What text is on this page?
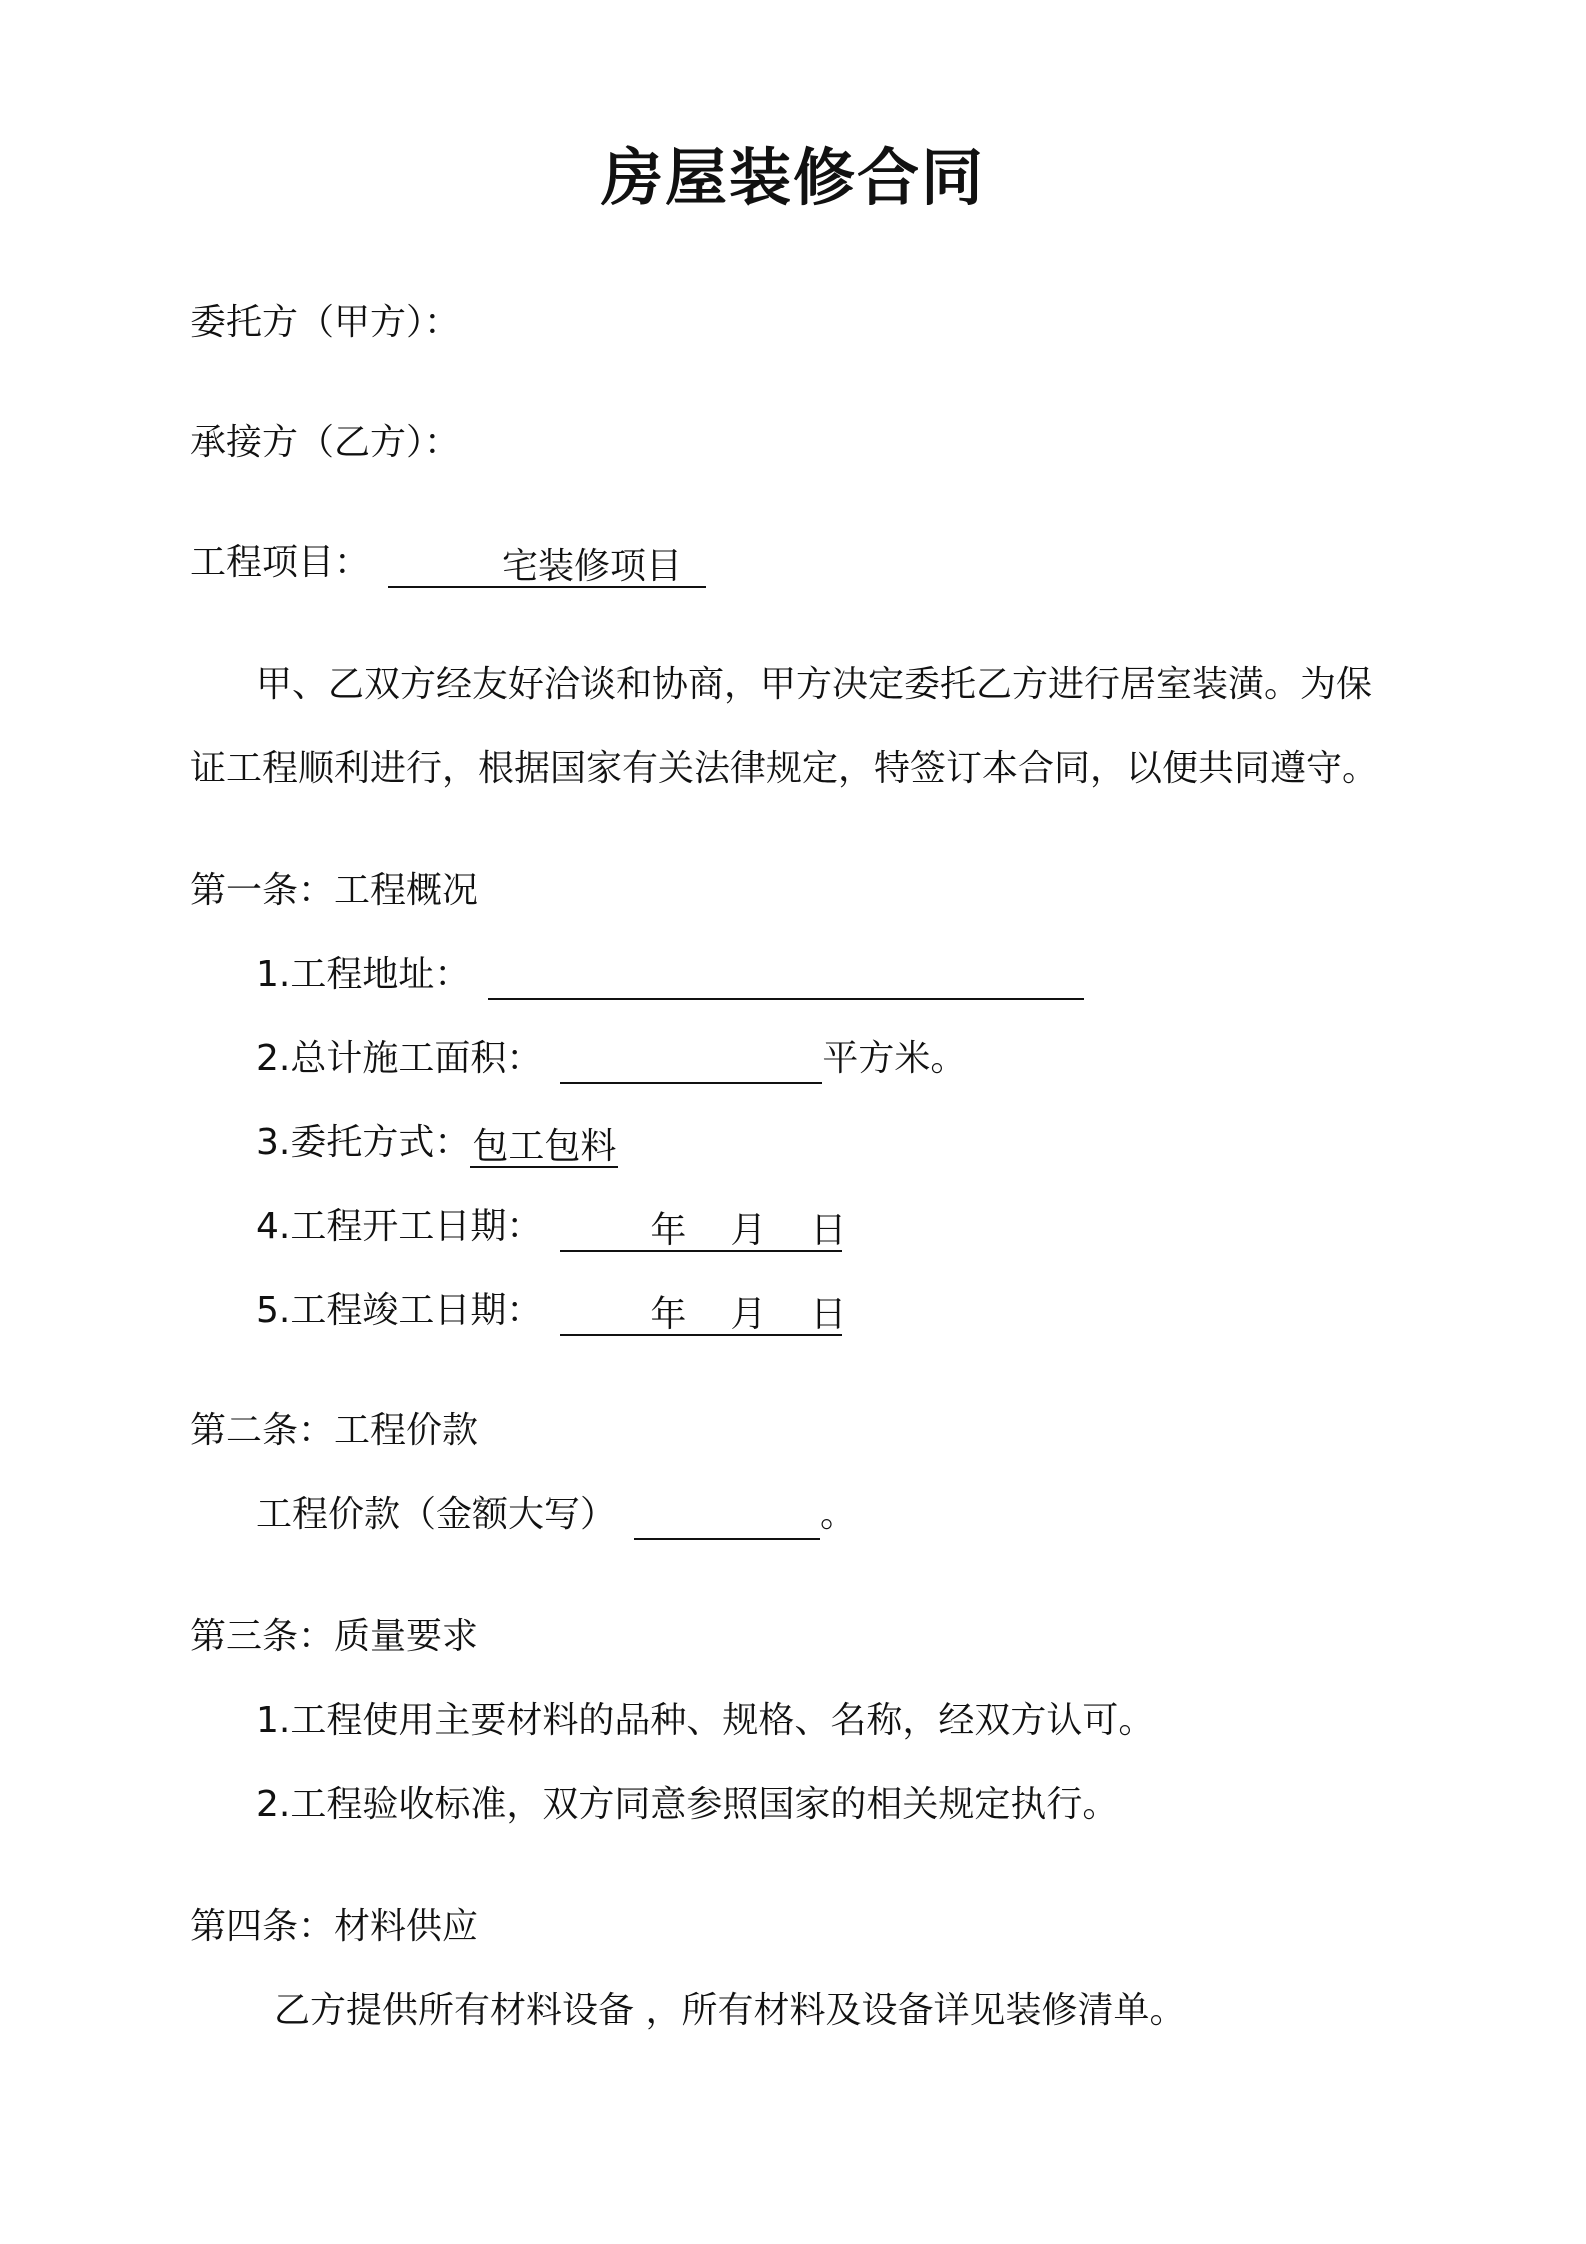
房屋装修合同
委托方（甲方）：
承接方（乙方）：
工程项目：	宅装修项目
甲、乙双方经友好洽谈和协商，甲方决定委托乙方进行居室装潢。为保
证工程顺利进行，根据国家有关法律规定，特签订本合同，以便共同遵守。
第一条：工程概况
1.工程地址：
2.总计施工面积：	平方米。
3.委托方式：包工包料
4.工程开工日期：	年 月 日
5.工程竣工日期：	年 月 日
第二条：工程价款
工程价款（金额大写）	。
第三条：质量要求
1.工程使用主要材料的品种、规格、名称，经双方认可。
2.工程验收标准，双方同意参照国家的相关规定执行。
第四条：材料供应
乙方提供所有材料设备 ，所有材料及设备详见装修清单。
